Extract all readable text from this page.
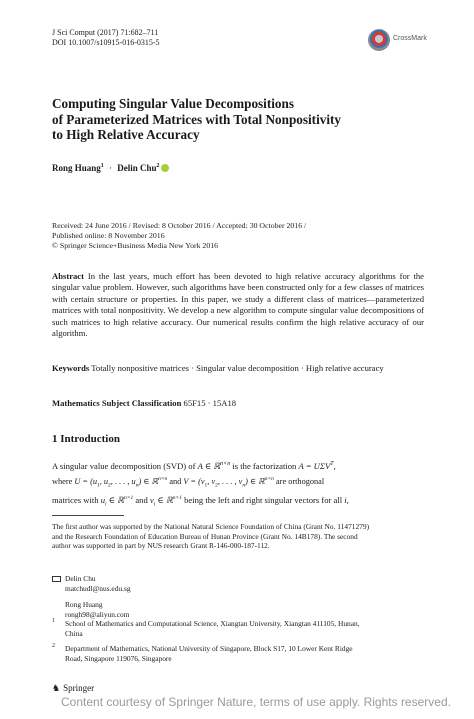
J Sci Comput (2017) 71:682–711
DOI 10.1007/s10915-016-0315-5	CrossMark
Computing Singular Value Decompositions
of Parameterized Matrices with Total Nonpositivity
to High Relative Accuracy
Rong Huang$^1$ · Delin Chu$^2$
Received: 24 June 2016 / Revised: 8 October 2016 / Accepted: 30 October 2016 /
Published online: 8 November 2016
© Springer Science+Business Media New York 2016
Abstract In the last years, much effort has been devoted to high relative accuracy algorithms for the singular value problem. However, such algorithms have been constructed only for a few classes of matrices with certain structure or properties. In this paper, we study a different class of matrices—parameterized matrices with total nonpositivity. We develop a new algorithm to compute singular value decompositions of such matrices to high relative accuracy. Our numerical results confirm the high relative accuracy of our algorithm.
Keywords Totally nonpositive matrices · Singular value decomposition · High relative accuracy
Mathematics Subject Classification 65F15 · 15A18
1 Introduction
A singular value decomposition (SVD) of A ∈ ℝ$^{n\times n}$ is the factorization $A = U\Sigma V^T$,
where $U = (u_1$, $u_2$, . . . , $u_n$) ∈ ℝ$^{n\times n}$ and $V = (v_1$, $v_2$, . . . , $v_n$) ∈ ℝ$^{n\times n}$ are orthogonal
matrices with $u_i$ ∈ ℝ$^{n\times 1}$ and $v_i$ ∈ ℝ$^{n\times 1}$ being the left and right singular vectors for all i,
The first author was supported by the National Natural Science Foundation of China (Grant No. 11471279)
and the Research Foundation of Education Bureau of Hunan Province (Grant No. 14B178). The second
author was supported in part by NUS research Grant R-146-000-187-112.
Delin Chu
matchudl@nus.edu.sg
Rong Huang
rongh98@aliyun.com
1 School of Mathematics and Computational Science, Xiangtan University, Xiangtan 411105, Hunan,
China
2 Department of Mathematics, National University of Singapore, Block S17, 10 Lower Kent Ridge
Road, Singapore 119076, Singapore
♞ Springer
Content courtesy of Springer Nature, terms of use apply. Rights reserved.
